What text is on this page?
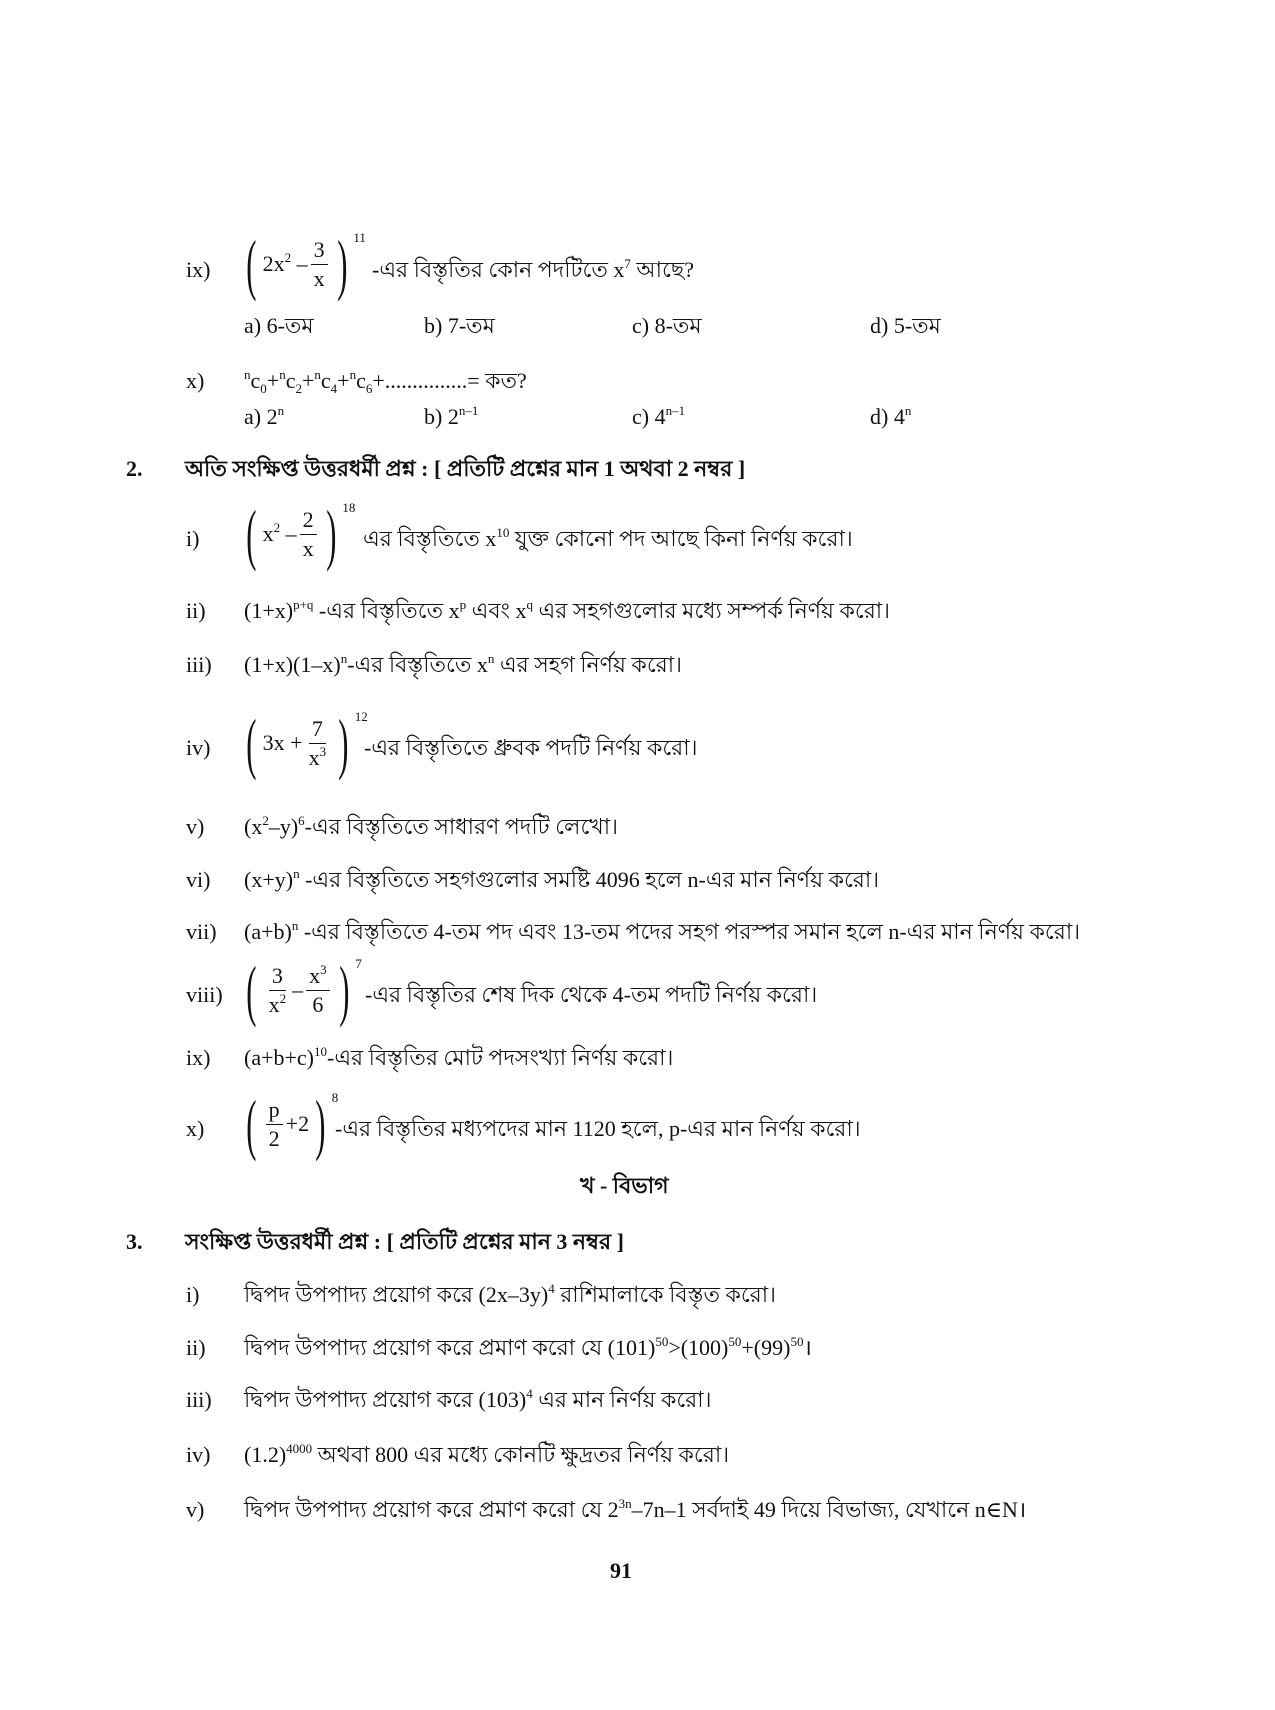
ix) ( $2x^2 - \frac{3}{x}$ ) 11
-এর বিস্তৃতির কোন পদটিতে $x^7$ আছে?
a) 6-তম	b) 7-তম	c) 8-তম	d) 5-তম
x)	$^nc_0+^nc_2+^nc_4+^nc_6+...............=$ কত?
a) 2$^n$	b) 2$^{n-1}$	c) 4$^{n-1}$	d) 4$^n$
2. অতি সংক্ষিপ্ত উত্তরধর্মী প্রশ্ন : [ প্রতিটি প্রশ্নের মান 1 অথবা 2 নম্বর ]
i) ( $x^2 - \frac{2}{x}$ ) 18
এর বিস্তৃতিতে $x^{10}$ যুক্ত কোনো পদ আছে কিনা নির্ণয় করো।
ii) $(1+x)^{p+q}$ -এর বিস্তৃতিতে $x^p$ এবং $x^q$ এর সহগগুলোর মধ্যে সম্পর্ক নির্ণয় করো।
iii) $(1+x)(1-x)^n-এর$ বিস্তৃতিতে $x^n$ এর সহগ নির্ণয় করো।
iv) ( $3x + \frac{7}{x^3}$ ) 12
-এর বিস্তৃতিতে ধ্রুবক পদটি নির্ণয় করো।
v) $(x^2-y)^6-এর$ বিস্তৃতিতে সাধারণ পদটি লেখো।
vi) $(x+y)^n$ -এর বিস্তৃতিতে সহগগুলোর সমষ্টি 4096 হলে n-এর মান নির্ণয় করো।
vii) $(a+b)^n$ -এর বিস্তৃতিতে 4-তম পদ এবং 13-তম পদের সহগ পরস্পর সমান হলে n-এর মান নির্ণয় করো।
viii) ( $\frac{3}{x^2} - \frac{x^3}{6}$ ) 7
-এর বিস্তৃতির শেষ দিক থেকে 4-তম পদটি নির্ণয় করো।
ix) $(a+b+c)^{10}-এর$ বিস্তৃতির মোট পদসংখ্যা নির্ণয় করো।
x) ( $\frac{p}{2} +2$ ) 8
-এর বিস্তৃতির মধ্যপদের মান 1120 হলে, p-এর মান নির্ণয় করো।
খ - বিভাগ
3. সংক্ষিপ্ত উত্তরধর্মী প্রশ্ন : [ প্রতিটি প্রশ্নের মান 3 নম্বর ]
i) দ্বিপদ উপপাদ্য প্রয়োগ করে $(2x-3y)^4$ রাশিমালাকে বিস্তৃত করো।
ii) দ্বিপদ উপপাদ্য প্রয়োগ করে প্রমাণ করো যে $(101)^{50}>(100)^{50}+(99)^{50}।$
iii) দ্বিপদ উপপাদ্য প্রয়োগ করে $(103)^4$ এর মান নির্ণয় করো।
iv) $(1.2)^{4000}$ অথবা 800 এর মধ্যে কোনটি ক্ষুদ্রতর নির্ণয় করো।
v) দ্বিপদ উপপাদ্য প্রয়োগ করে প্রমাণ করো যে $2^{3n}-7n-1$ সর্বদাই 49 দিয়ে বিভাজ্য, যেখানে n∈N।
91
